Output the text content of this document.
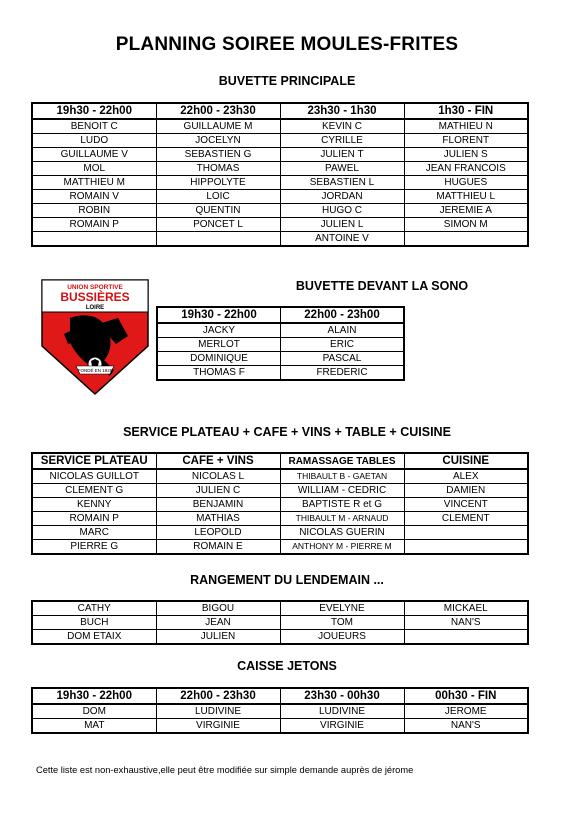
PLANNING SOIREE MOULES-FRITES
BUVETTE PRINCIPALE
19h30 - 22h00	22h00 - 23h30	23h30 - 1h30	1h30 - FIN
BENOIT C	GUILLAUME M	KEVIN C	MATHIEU N
LUDO	JOCELYN	CYRILLE	FLORENT
GUILLAUME V	SEBASTIEN G	JULIEN T	JULIEN S
MOL	THOMAS	PAWEL	JEAN FRANCOIS
MATTHIEU M	HIPPOLYTE	SEBASTIEN L	HUGUES
ROMAIN V	LOIC	JORDAN	MATTHIEU L
ROBIN	QUENTIN	HUGO C	JEREMIE A
ROMAIN P	PONCET L	JULIEN L	SIMON M
		ANTOINE V	
UNION SPORTIVE
BUSSIÈRES
LOIRE
FONDÉ EN 1926
BUVETTE DEVANT LA SONO
19h30 - 22h00	22h00 - 23h00
JACKY	ALAIN
MERLOT	ERIC
DOMINIQUE	PASCAL
THOMAS F	FREDERIC
SERVICE PLATEAU + CAFE + VINS + TABLE + CUISINE
SERVICE PLATEAU	CAFE + VINS	RAMASSAGE TABLES	CUISINE
NICOLAS GUILLOT	NICOLAS L	THIBAULT B - GAETAN	ALEX
CLEMENT G	JULIEN C	WILLIAM - CEDRIC	DAMIEN
KENNY	BENJAMIN	BAPTISTE R et G	VINCENT
ROMAIN P	MATHIAS	THIBAULT M - ARNAUD	CLEMENT
MARC	LEOPOLD	NICOLAS GUERIN	
PIERRE G	ROMAIN E	ANTHONY M - PIERRE M	
RANGEMENT DU LENDEMAIN ...
CATHY	BIGOU	EVELYNE	MICKAEL
BUCH	JEAN	TOM	NAN'S
DOM ETAIX	JULIEN	JOUEURS	
CAISSE JETONS
19h30 - 22h00	22h00 - 23h30	23h30 - 00h30	00h30 - FIN
DOM	LUDIVINE	LUDIVINE	JEROME
MAT	VIRGINIE	VIRGINIE	NAN'S
Cette liste est non-exhaustive,elle peut être modifiée sur simple demande auprès de jérome
